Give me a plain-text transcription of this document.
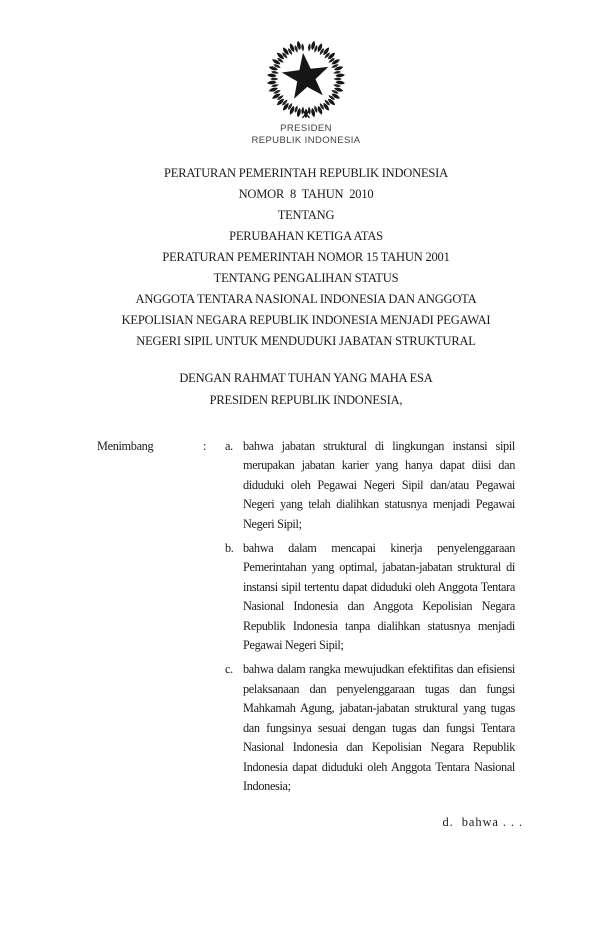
PRESIDEN
REPUBLIK INDONESIA
PERATURAN PEMERINTAH REPUBLIK INDONESIA
NOMOR  8  TAHUN  2010
TENTANG
PERUBAHAN KETIGA ATAS
PERATURAN PEMERINTAH NOMOR 15 TAHUN 2001
TENTANG PENGALIHAN STATUS
ANGGOTA TENTARA NASIONAL INDONESIA DAN ANGGOTA
KEPOLISIAN NEGARA REPUBLIK INDONESIA MENJADI PEGAWAI
NEGERI SIPIL UNTUK MENDUDUKI JABATAN STRUKTURAL
DENGAN RAHMAT TUHAN YANG MAHA ESA
PRESIDEN REPUBLIK INDONESIA,
Menimbang	:	a. bahwa jabatan struktural di lingkungan instansi sipil merupakan jabatan karier yang hanya dapat diisi dan diduduki oleh Pegawai Negeri Sipil dan/atau Pegawai Negeri yang telah dialihkan statusnya menjadi Pegawai Negeri Sipil;
b. bahwa dalam mencapai kinerja penyelenggaraan Pemerintahan yang optimal, jabatan-jabatan struktural di instansi sipil tertentu dapat diduduki oleh Anggota Tentara Nasional Indonesia dan Anggota Kepolisian Negara Republik Indonesia tanpa dialihkan statusnya menjadi Pegawai Negeri Sipil;
c. bahwa dalam rangka mewujudkan efektifitas dan efisiensi pelaksanaan dan penyelenggaraan tugas dan fungsi Mahkamah Agung, jabatan-jabatan struktural yang tugas dan fungsinya sesuai dengan tugas dan fungsi Tentara Nasional Indonesia dan Kepolisian Negara Republik Indonesia dapat diduduki oleh Anggota Tentara Nasional Indonesia;
d.  bahwa . . .
